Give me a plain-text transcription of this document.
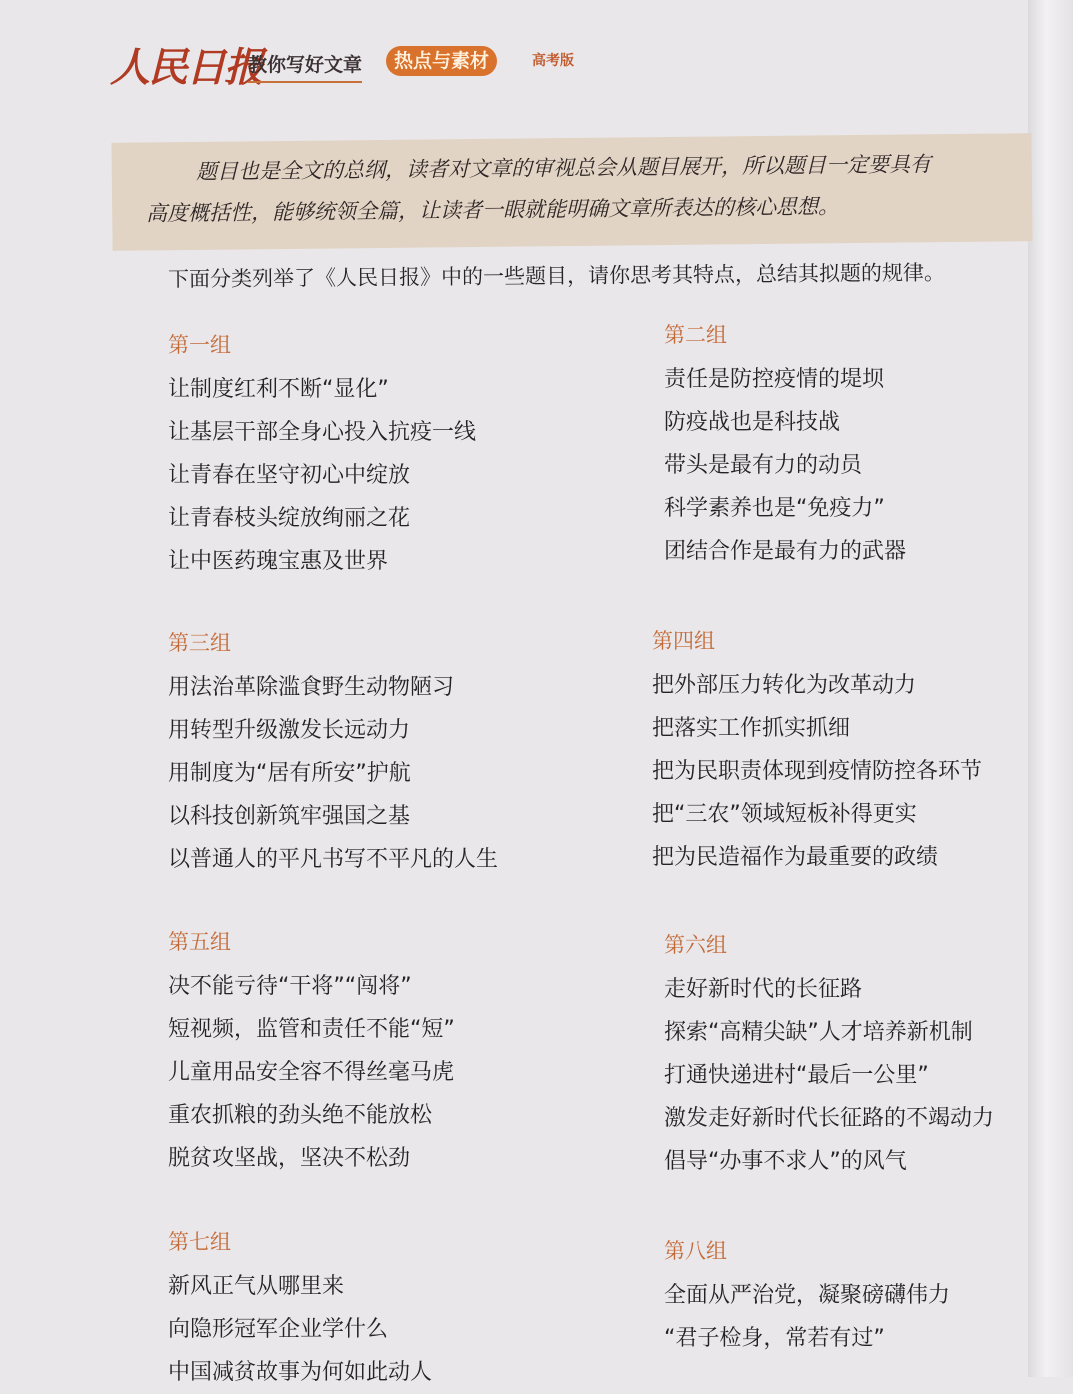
人民日报
教你写好文章	热点与素材	高考版
题目也是全文的总纲，读者对文章的审视总会从题目展开，所以题目一定要具有
高度概括性，能够统领全篇，让读者一眼就能明确文章所表达的核心思想。
下面分类列举了《人民日报》中的一些题目，请你思考其特点，总结其拟题的规律。
第一组
让制度红利不断“显化”
让基层干部全身心投入抗疫一线
让青春在坚守初心中绽放
让青春枝头绽放绚丽之花
让中医药瑰宝惠及世界
第二组
责任是防控疫情的堤坝
防疫战也是科技战
带头是最有力的动员
科学素养也是“免疫力”
团结合作是最有力的武器
第三组
用法治革除滥食野生动物陋习
用转型升级激发长远动力
用制度为“居有所安”护航
以科技创新筑牢强国之基
以普通人的平凡书写不平凡的人生
第四组
把外部压力转化为改革动力
把落实工作抓实抓细
把为民职责体现到疫情防控各环节
把“三农”领域短板补得更实
把为民造福作为最重要的政绩
第五组
决不能亏待“干将”“闯将”
短视频，监管和责任不能“短”
儿童用品安全容不得丝毫马虎
重农抓粮的劲头绝不能放松
脱贫攻坚战，坚决不松劲
第六组
走好新时代的长征路
探索“高精尖缺”人才培养新机制
打通快递进村“最后一公里”
激发走好新时代长征路的不竭动力
倡导“办事不求人”的风气
第七组
新风正气从哪里来
向隐形冠军企业学什么
中国减贫故事为何如此动人
第八组
全面从严治党，凝聚磅礴伟力
“君子检身，常若有过”
